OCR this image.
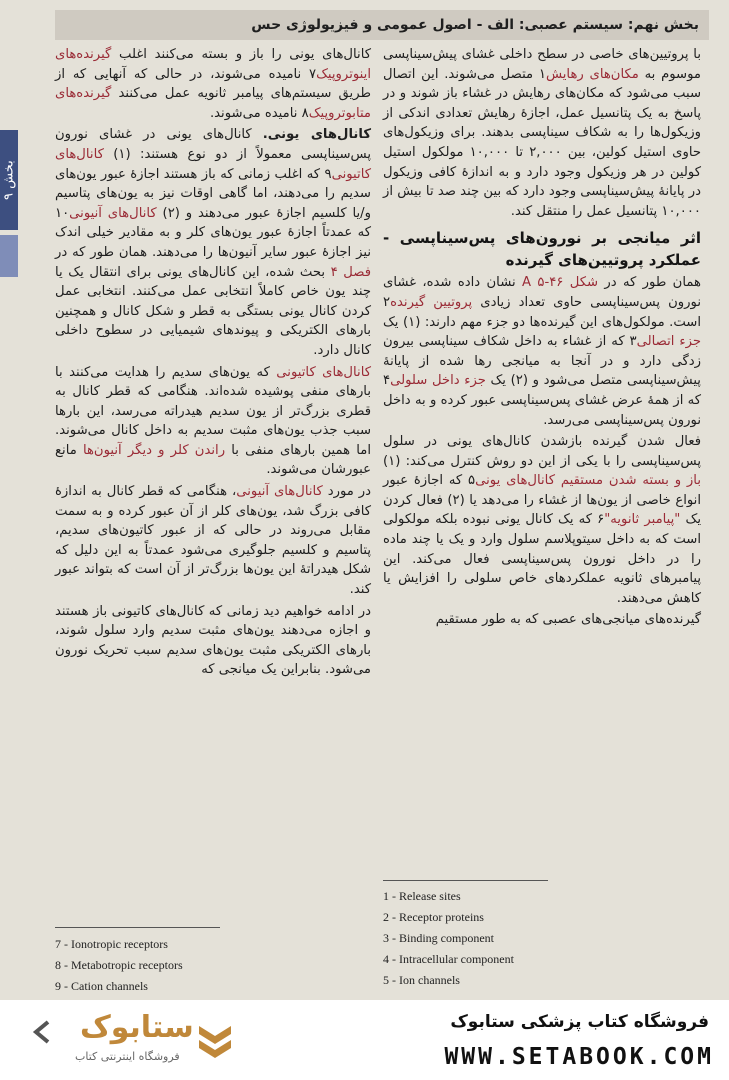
بخش نهم: سیستم عصبی: الف - اصول عمومی و فیزیولوژی حس
بخش ۹

با پروتیین‌های خاصی در سطح داخلی غشای پیش‌سیناپسی موسوم به مکان‌های رهایش۱ متصل می‌شوند. این اتصال سبب می‌شود که مکان‌های رهایش در غشاء باز شوند و در پاسخ به یک پتانسیل عمل، اجازهٔ رهایش تعدادی اندکی از وزیکول‌ها را به شکاف سیناپسی بدهند. برای وزیکول‌های حاوی استیل کولین، بین ۲,۰۰۰ تا ۱۰,۰۰۰ مولکول استیل کولین در هر وزیکول وجود دارد و به اندازهٔ کافی وزیکول در پایانهٔ پیش‌سیناپسی وجود دارد که بین چند صد تا بیش از ۱۰,۰۰۰ پتانسیل عمل را منتقل کند.

اثر میانجی بر نورون‌های پس‌سیناپسی - عملکرد پروتیین‌های گیرنده

همان طور که در شکل ۴۶-۵ A نشان داده شده، غشای نورون پس‌سیناپسی حاوی تعداد زیادی پروتیین گیرنده۲ است. مولکول‌های این گیرنده‌ها دو جزء مهم دارند: (۱) یک جزء اتصالی۳ که از غشاء به داخل شکاف سیناپسی بیرون زدگی دارد و در آنجا به میانجی رها شده از پایانهٔ پیش‌سیناپسی متصل می‌شود و (۲) یک جزء داخل سلولی۴ که از همهٔ عرض غشای پس‌سیناپسی عبور کرده و به داخل نورون پس‌سیناپسی می‌رسد.

فعال شدن گیرنده بازشدن کانال‌های یونی در سلول پس‌سیناپسی را با یکی از این دو روش کنترل می‌کند: (۱) باز و بسته شدن مستقیم کانال‌های یونی۵ که اجازهٔ عبور انواع خاصی از یون‌ها از غشاء را می‌دهد یا (۲) فعال کردن یک "پیامبر ثانویه"۶ که یک کانال یونی نبوده بلکه مولکولی است که به داخل سیتوپلاسم سلول وارد و یک یا چند ماده را در داخل نورون پس‌سیناپسی فعال می‌کند. این پیامبرهای ثانویه عملکردهای خاص سلولی را افزایش یا کاهش می‌دهند.

گیرنده‌های میانجی‌های عصبی که به طور مستقیم

کانال‌های یونی را باز و بسته می‌کنند اغلب گیرنده‌های اینوتروپیک۷ نامیده می‌شوند، در حالی که آنهایی که از طریق سیستم‌های پیامبر ثانویه عمل می‌کنند گیرنده‌های متابوتروپیک۸ نامیده می‌شوند.

کانال‌های یونی. کانال‌های یونی در غشای نورون پس‌سیناپسی معمولاً از دو نوع هستند: (۱) کانال‌های کاتیونی۹ که اغلب زمانی که باز هستند اجازهٔ عبور یون‌های سدیم را می‌دهند، اما گاهی اوقات نیز به یون‌های پتاسیم و/یا کلسیم اجازهٔ عبور می‌دهند و (۲) کانال‌های آنیونی۱۰ که عمدتاً اجازهٔ عبور یون‌های کلر و به مقادیر خیلی اندک نیز اجازهٔ عبور سایر آنیون‌ها را می‌دهند. همان طور که در فصل ۴ بحث شده، این کانال‌های یونی برای انتقال یک یا چند یون خاص کاملاً انتخابی عمل می‌کنند. انتخابی عمل کردن کانال یونی بستگی به قطر و شکل کانال و همچنین بارهای الکتریکی و پیوندهای شیمیایی در سطوح داخلی کانال دارد.

کانال‌های کاتیونی که یون‌های سدیم را هدایت می‌کنند با بارهای منفی پوشیده شده‌اند. هنگامی که قطر کانال به قطری بزرگ‌تر از یون سدیم هیدراته می‌رسد، این بارها سبب جذب یون‌های مثبت سدیم به داخل کانال می‌شوند. اما همین بارهای منفی با راندن کلر و دیگر آنیون‌ها مانع عبورشان می‌شوند.

در مورد کانال‌های آنیونی، هنگامی که قطر کانال به اندازهٔ کافی بزرگ شد، یون‌های کلر از آن عبور کرده و به سمت مقابل می‌روند در حالی که از عبور کاتیون‌های سدیم، پتاسیم و کلسیم جلوگیری می‌شود عمدتاً به این دلیل که شکل هیدراتهٔ این یون‌ها بزرگ‌تر از آن است که بتواند عبور کند.

در ادامه خواهیم دید زمانی که کانال‌های کاتیونی باز هستند و اجازه می‌دهند یون‌های مثبت سدیم وارد سلول شوند، بارهای الکتریکی مثبت یون‌های سدیم سبب تحریک نورون می‌شود. بنابراین یک میانجی که

7 - Ionotropic receptors
8 - Metabotropic receptors
9 - Cation channels
1 - Release sites
2 - Receptor proteins
3 - Binding component
4 - Intracellular component
5 - Ion channels
ستابوک
فروشگاه اینترنتی کتاب
فروشگاه کتاب پزشکی ستابوک
WWW.SETABOOK.COM
